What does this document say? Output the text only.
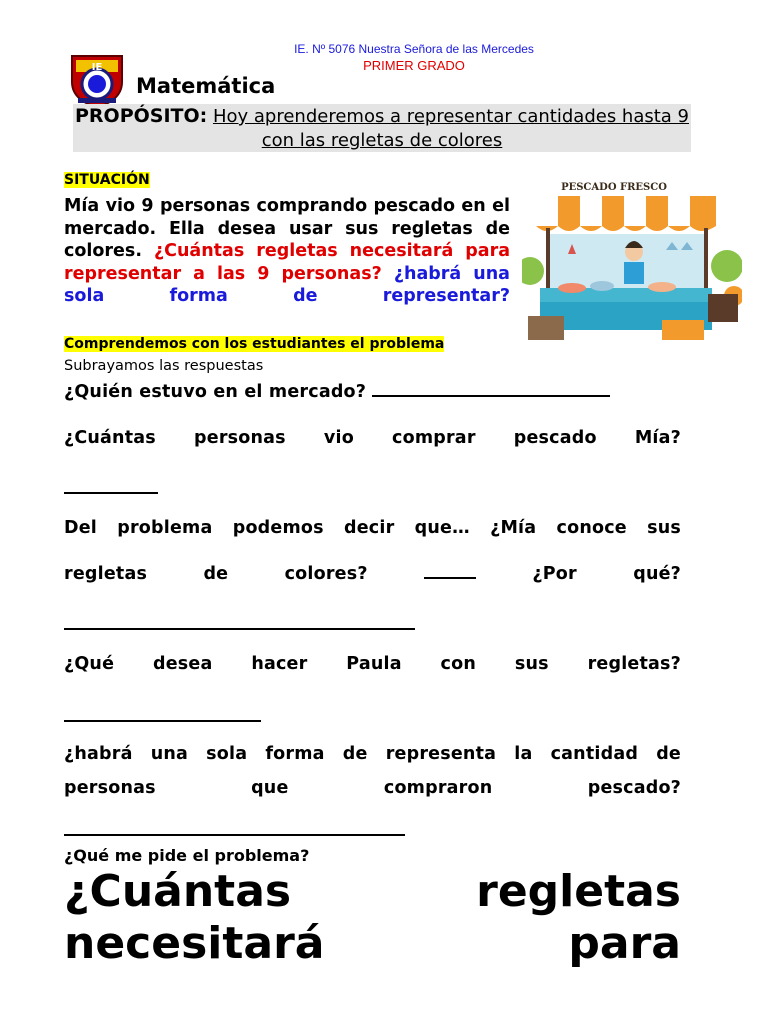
IE
IE. Nº 5076 Nuestra Señora de las Mercedes
PRIMER GRADO
Matemática
PROPÓSITO: Hoy aprenderemos a representar cantidades hasta 9 con las regletas de colores
SITUACIÓN
Mía vio 9 personas comprando pescado en el mercado. Ella desea usar sus regletas de colores. ¿Cuántas regletas necesitará para representar a las 9 personas? ¿habrá una sola forma de representar?
PESCADO FRESCO
Comprendemos con los estudiantes el problema
Subrayamos las respuestas
¿Quién estuvo en el mercado?
¿Cuántas personas vio comprar pescado Mía?
Del problema podemos decir que… ¿Mía conoce sus
regletas	de	colores?	¿Por	qué?
¿Qué desea hacer Paula con sus regletas?
¿habrá una sola forma de representa la cantidad de
personas	que	compraron	pescado?
¿Qué me pide el problema?
¿Cuántas	regletas
necesitará	para
